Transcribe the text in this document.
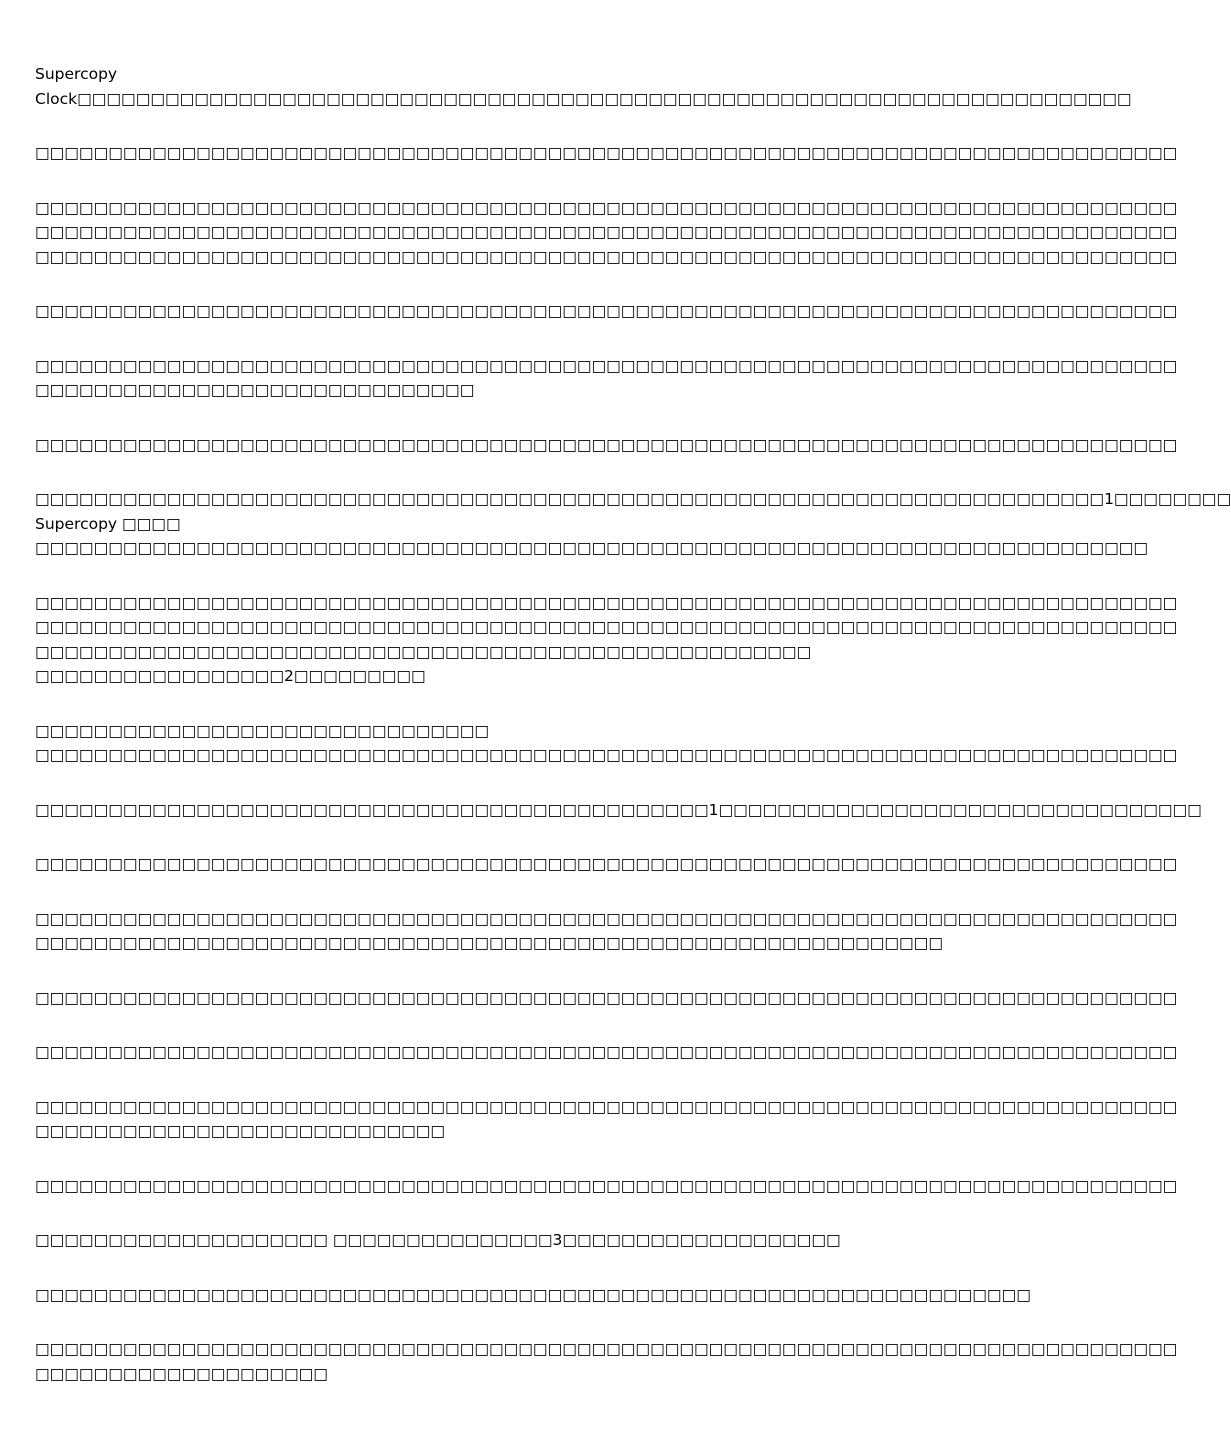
Supercopy
Clock□□□□□□□□□□□□□□□□□□□□□□□□□□□□□□□□□□□□□□□□□□□□□□□□□□□□□□□□□□□□□□□□□□□□□□□□
□□□□□□□□□□□□□□□□□□□□□□□□□□□□□□□□□□□□□□□□□□□□□□□□□□□□□□□□□□□□□□□□□□□□□□□□□□□□□□
□□□□□□□□□□□□□□□□□□□□□□□□□□□□□□□□□□□□□□□□□□□□□□□□□□□□□□□□□□□□□□□□□□□□□□□□□□□□□□
□□□□□□□□□□□□□□□□□□□□□□□□□□□□□□□□□□□□□□□□□□□□□□□□□□□□□□□□□□□□□□□□□□□□□□□□□□□□□□
□□□□□□□□□□□□□□□□□□□□□□□□□□□□□□□□□□□□□□□□□□□□□□□□□□□□□□□□□□□□□□□□□□□□□□□□□□□□□□
□□□□□□□□□□□□□□□□□□□□□□□□□□□□□□□□□□□□□□□□□□□□□□□□□□□□□□□□□□□□□□□□□□□□□□□□□□□□□□
□□□□□□□□□□□□□□□□□□□□□□□□□□□□□□□□□□□□□□□□□□□□□□□□□□□□□□□□□□□□□□□□□□□□□□□□□□□□□□
□□□□□□□□□□□□□□□□□□□□□□□□□□□□□□
□□□□□□□□□□□□□□□□□□□□□□□□□□□□□□□□□□□□□□□□□□□□□□□□□□□□□□□□□□□□□□□□□□□□□□□□□□□□□□
□□□□□□□□□□□□□□□□□□□□□□□□□□□□□□□□□□□□□□□□□□□□□□□□□□□□□□□□□□□□□□□□□□□□□□□□□1□□□□□□□□
Supercopy □□□□
□□□□□□□□□□□□□□□□□□□□□□□□□□□□□□□□□□□□□□□□□□□□□□□□□□□□□□□□□□□□□□□□□□□□□□□□□□□□
□□□□□□□□□□□□□□□□□□□□□□□□□□□□□□□□□□□□□□□□□□□□□□□□□□□□□□□□□□□□□□□□□□□□□□□□□□□□□□
□□□□□□□□□□□□□□□□□□□□□□□□□□□□□□□□□□□□□□□□□□□□□□□□□□□□□□□□□□□□□□□□□□□□□□□□□□□□□□
□□□□□□□□□□□□□□□□□□□□□□□□□□□□□□□□□□□□□□□□□□□□□□□□□□□□□
□□□□□□□□□□□□□□□□□2□□□□□□□□□
□□□□□□□□□□□□□□□□□□□□□□□□□□□□□□□
□□□□□□□□□□□□□□□□□□□□□□□□□□□□□□□□□□□□□□□□□□□□□□□□□□□□□□□□□□□□□□□□□□□□□□□□□□□□□□
□□□□□□□□□□□□□□□□□□□□□□□□□□□□□□□□□□□□□□□□□□□□□□1□□□□□□□□□□□□□□□□□□□□□□□□□□□□□□□□□
□□□□□□□□□□□□□□□□□□□□□□□□□□□□□□□□□□□□□□□□□□□□□□□□□□□□□□□□□□□□□□□□□□□□□□□□□□□□□□
□□□□□□□□□□□□□□□□□□□□□□□□□□□□□□□□□□□□□□□□□□□□□□□□□□□□□□□□□□□□□□□□□□□□□□□□□□□□□□
□□□□□□□□□□□□□□□□□□□□□□□□□□□□□□□□□□□□□□□□□□□□□□□□□□□□□□□□□□□□□□
□□□□□□□□□□□□□□□□□□□□□□□□□□□□□□□□□□□□□□□□□□□□□□□□□□□□□□□□□□□□□□□□□□□□□□□□□□□□□□
□□□□□□□□□□□□□□□□□□□□□□□□□□□□□□□□□□□□□□□□□□□□□□□□□□□□□□□□□□□□□□□□□□□□□□□□□□□□□□
□□□□□□□□□□□□□□□□□□□□□□□□□□□□□□□□□□□□□□□□□□□□□□□□□□□□□□□□□□□□□□□□□□□□□□□□□□□□□□
□□□□□□□□□□□□□□□□□□□□□□□□□□□□
□□□□□□□□□□□□□□□□□□□□□□□□□□□□□□□□□□□□□□□□□□□□□□□□□□□□□□□□□□□□□□□□□□□□□□□□□□□□□□
□□□□□□□□□□□□□□□□□□□□ □□□□□□□□□□□□□□□3□□□□□□□□□□□□□□□□□□□
□□□□□□□□□□□□□□□□□□□□□□□□□□□□□□□□□□□□□□□□□□□□□□□□□□□□□□□□□□□□□□□□□□□□
□□□□□□□□□□□□□□□□□□□□□□□□□□□□□□□□□□□□□□□□□□□□□□□□□□□□□□□□□□□□□□□□□□□□□□□□□□□□□□
□□□□□□□□□□□□□□□□□□□□
